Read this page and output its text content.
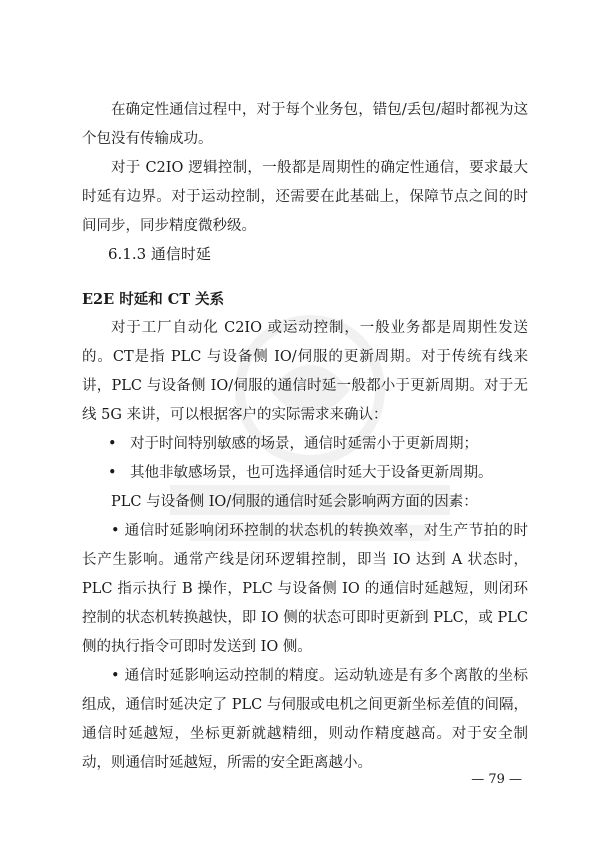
在确定性通信过程中，对于每个业务包，错包/丢包/超时都视为这个包没有传输成功。

对于 C2IO 逻辑控制，一般都是周期性的确定性通信，要求最大时延有边界。对于运动控制，还需要在此基础上，保障节点之间的时间同步，同步精度微秒级。

6.1.3 通信时延

E2E 时延和 CT 关系

对于工厂自动化 C2IO 或运动控制，一般业务都是周期性发送的。CT是指 PLC 与设备侧 IO/伺服的更新周期。对于传统有线来讲，PLC 与设备侧 IO/伺服的通信时延一般都小于更新周期。对于无线 5G 来讲，可以根据客户的实际需求来确认：

• 对于时间特别敏感的场景，通信时延需小于更新周期；
• 其他非敏感场景，也可选择通信时延大于设备更新周期。

PLC 与设备侧 IO/伺服的通信时延会影响两方面的因素：

• 通信时延影响闭环控制的状态机的转换效率，对生产节拍的时长产生影响。通常产线是闭环逻辑控制，即当 IO 达到 A 状态时，PLC 指示执行 B 操作，PLC 与设备侧 IO 的通信时延越短，则闭环控制的状态机转换越快，即 IO 侧的状态可即时更新到 PLC，或 PLC 侧的执行指令可即时发送到 IO 侧。

• 通信时延影响运动控制的精度。运动轨迹是有多个离散的坐标组成，通信时延决定了 PLC 与伺服或电机之间更新坐标差值的间隔，通信时延越短，坐标更新就越精细，则动作精度越高。对于安全制动，则通信时延越短，所需的安全距离越小。

— 79 —
